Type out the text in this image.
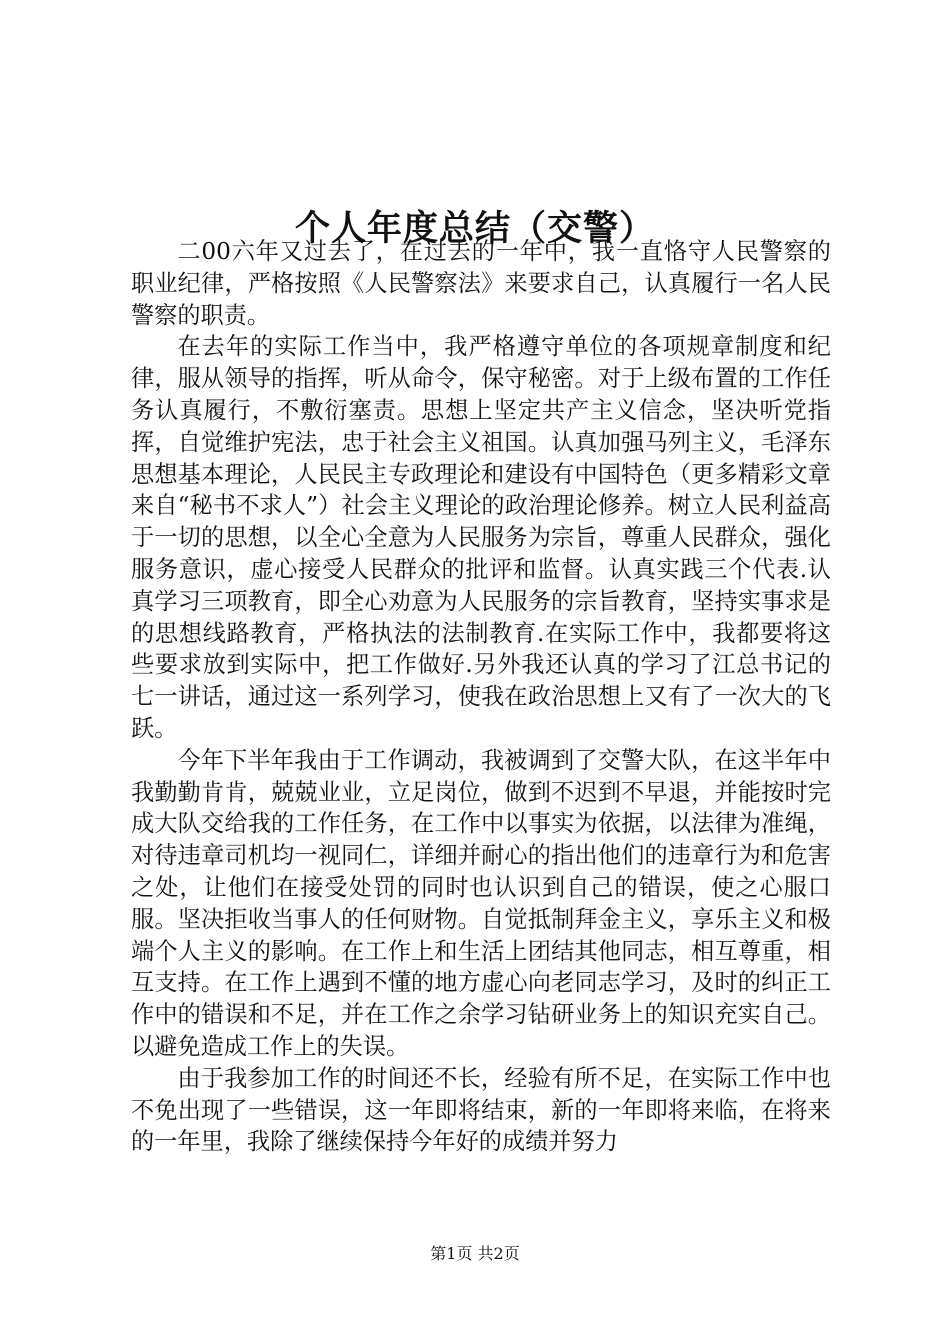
个人年度总结（交警）

二00六年又过去了，在过去的一年中，我一直恪守人民警察的职业纪律，严格按照《人民警察法》来要求自己，认真履行一名人民警察的职责。

在去年的实际工作当中，我严格遵守单位的各项规章制度和纪律，服从领导的指挥，听从命令，保守秘密。对于上级布置的工作任务认真履行，不敷衍塞责。思想上坚定共产主义信念，坚决听党指挥，自觉维护宪法，忠于社会主义祖国。认真加强马列主义，毛泽东思想基本理论，人民民主专政理论和建设有中国特色（更多精彩文章来自“秘书不求人”）社会主义理论的政治理论修养。树立人民利益高于一切的思想，以全心全意为人民服务为宗旨，尊重人民群众，强化服务意识，虚心接受人民群众的批评和监督。认真实践三个代表.认真学习三项教育，即全心劝意为人民服务的宗旨教育，坚持实事求是的思想线路教育，严格执法的法制教育.在实际工作中，我都要将这些要求放到实际中，把工作做好.另外我还认真的学习了江总书记的七一讲话，通过这一系列学习，使我在政治思想上又有了一次大的飞跃。

今年下半年我由于工作调动，我被调到了交警大队，在这半年中我勤勤肯肯，兢兢业业，立足岗位，做到不迟到不早退，并能按时完成大队交给我的工作任务，在工作中以事实为依据，以法律为准绳，对待违章司机均一视同仁，详细并耐心的指出他们的违章行为和危害之处，让他们在接受处罚的同时也认识到自己的错误，使之心服口服。坚决拒收当事人的任何财物。自觉抵制拜金主义，享乐主义和极端个人主义的影响。在工作上和生活上团结其他同志，相互尊重，相互支持。在工作上遇到不懂的地方虚心向老同志学习，及时的纠正工作中的错误和不足，并在工作之余学习钻研业务上的知识充实自己。以避免造成工作上的失误。

由于我参加工作的时间还不长，经验有所不足，在实际工作中也不免出现了一些错误，这一年即将结束，新的一年即将来临，在将来的一年里，我除了继续保持今年好的成绩并努力

第1页 共2页
